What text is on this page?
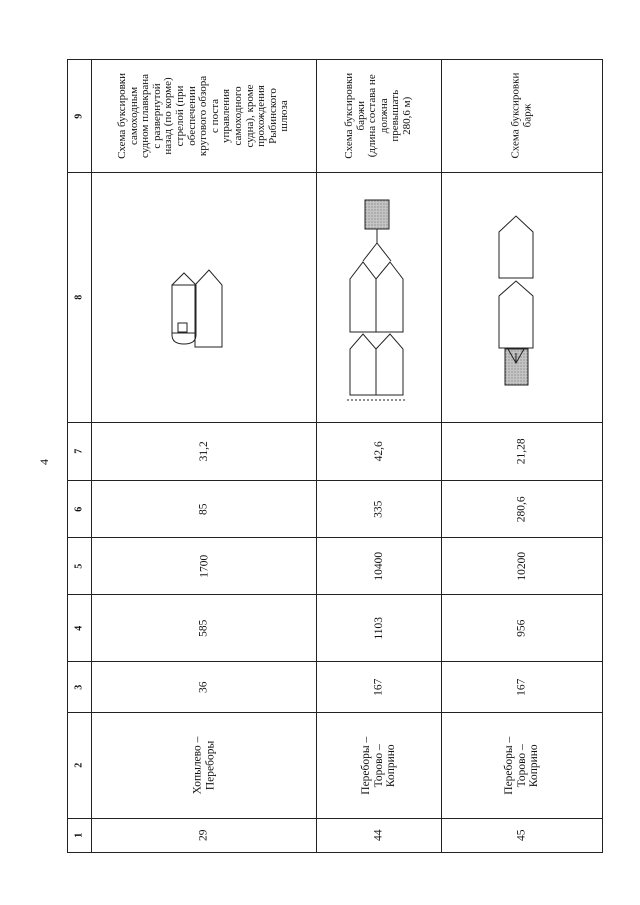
4
1
2
3
4
5
6
7
8
9
29
Хопылево –
Переборы
36
585
1700
85
31,2
Схема буксировки
самоходным
судном плавкрана
с развернутой
назад (по корме)
стрелой (при
обеспечении
кругового обзора
с поста
управления
самоходного
судна), кроме
прохождения
Рыбинского
шлюза
44
Переборы –
Торово –
Коприно
167
1103
10400
335
42,6
Схема буксировки
баржи
(длина состава не
должна
превышать
280,6 м)
45
Переборы –
Торово –
Коприно
167
956
10200
280,6
21,28
Схема буксировки
барж
